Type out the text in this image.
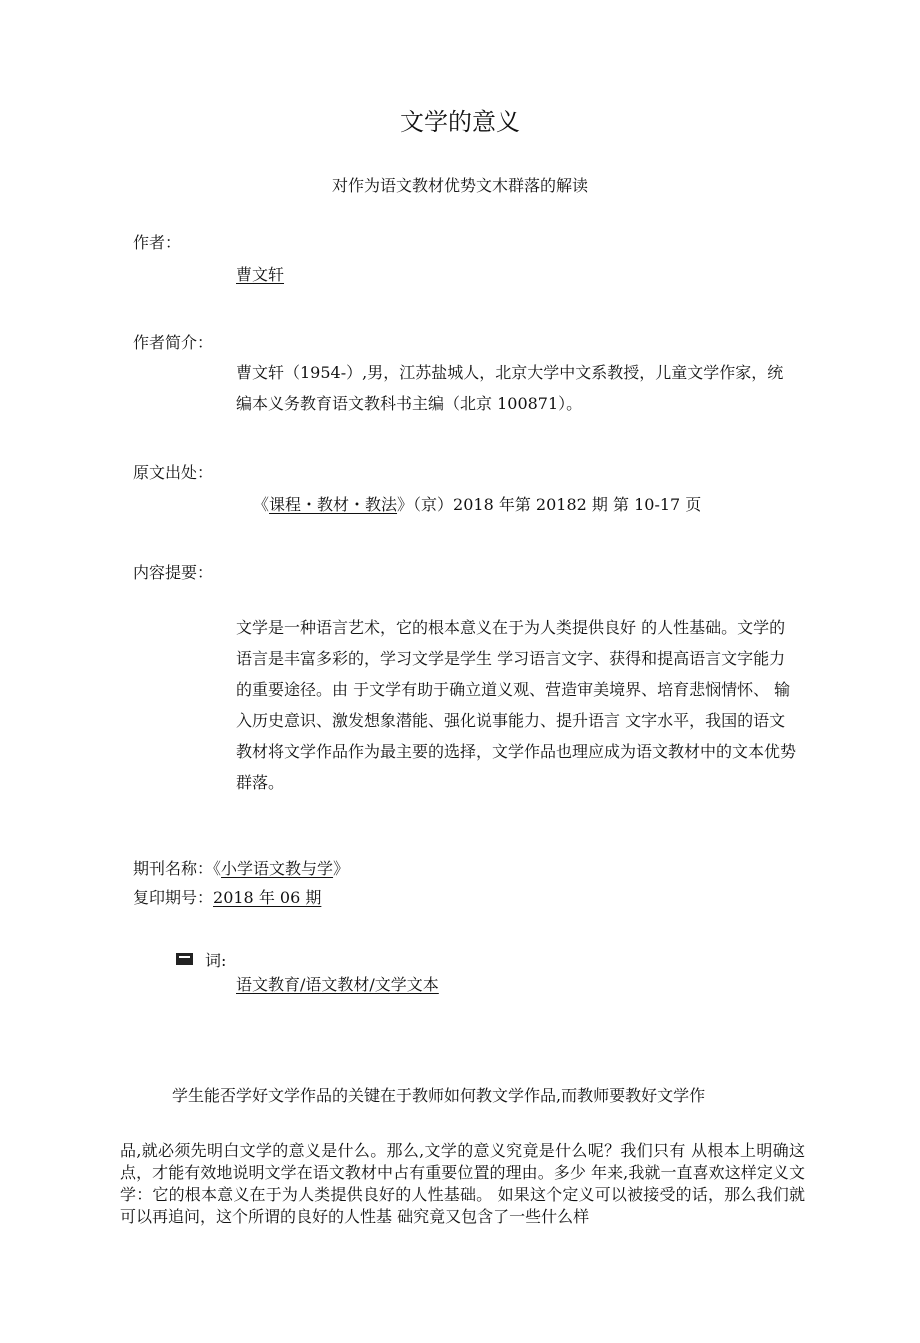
文学的意义
对作为语文教材优势文木群落的解读
作者：
曹文轩
作者简介：
曹文轩（1954-）,男，江苏盐城人，北京大学中文系教授，儿童文学作家，统编本义务教育语文教科书主编（北京 100871）。
原文出处：
《课程・教材・教法》（京）2018 年第 20182 期 第 10-17 页
内容提要：
文学是一种语言艺术，它的根本意义在于为人类提供良好 的人性基础。文学的语言是丰富多彩的，学习文学是学生 学习语言文字、获得和提高语言文字能力的重要途径。由 于文学有助于确立道义观、营造审美境界、培育悲悯情怀、 输入历史意识、激发想象潜能、强化说事能力、提升语言 文字水平，我国的语文教材将文学作品作为最主要的选择，文学作品也理应成为语文教材中的文本优势群落。
期刊名称：《小学语文教与学》
复印期号：2018 年 06 期
词:
语文教育/语文教材/文学文本
学生能否学好文学作品的关键在于教师如何教文学作品,而教师要教好文学作
品,就必须先明白文学的意义是什么。那么,文学的意义究竟是什么呢？我们只有 从根本上明确这点，才能有效地说明文学在语文教材中占有重要位置的理由。多少 年来,我就一直喜欢这样定义文学：它的根本意义在于为人类提供良好的人性基础。 如果这个定义可以被接受的话，那么我们就可以再追问，这个所谓的良好的人性基 础究竟又包含了一些什么样
